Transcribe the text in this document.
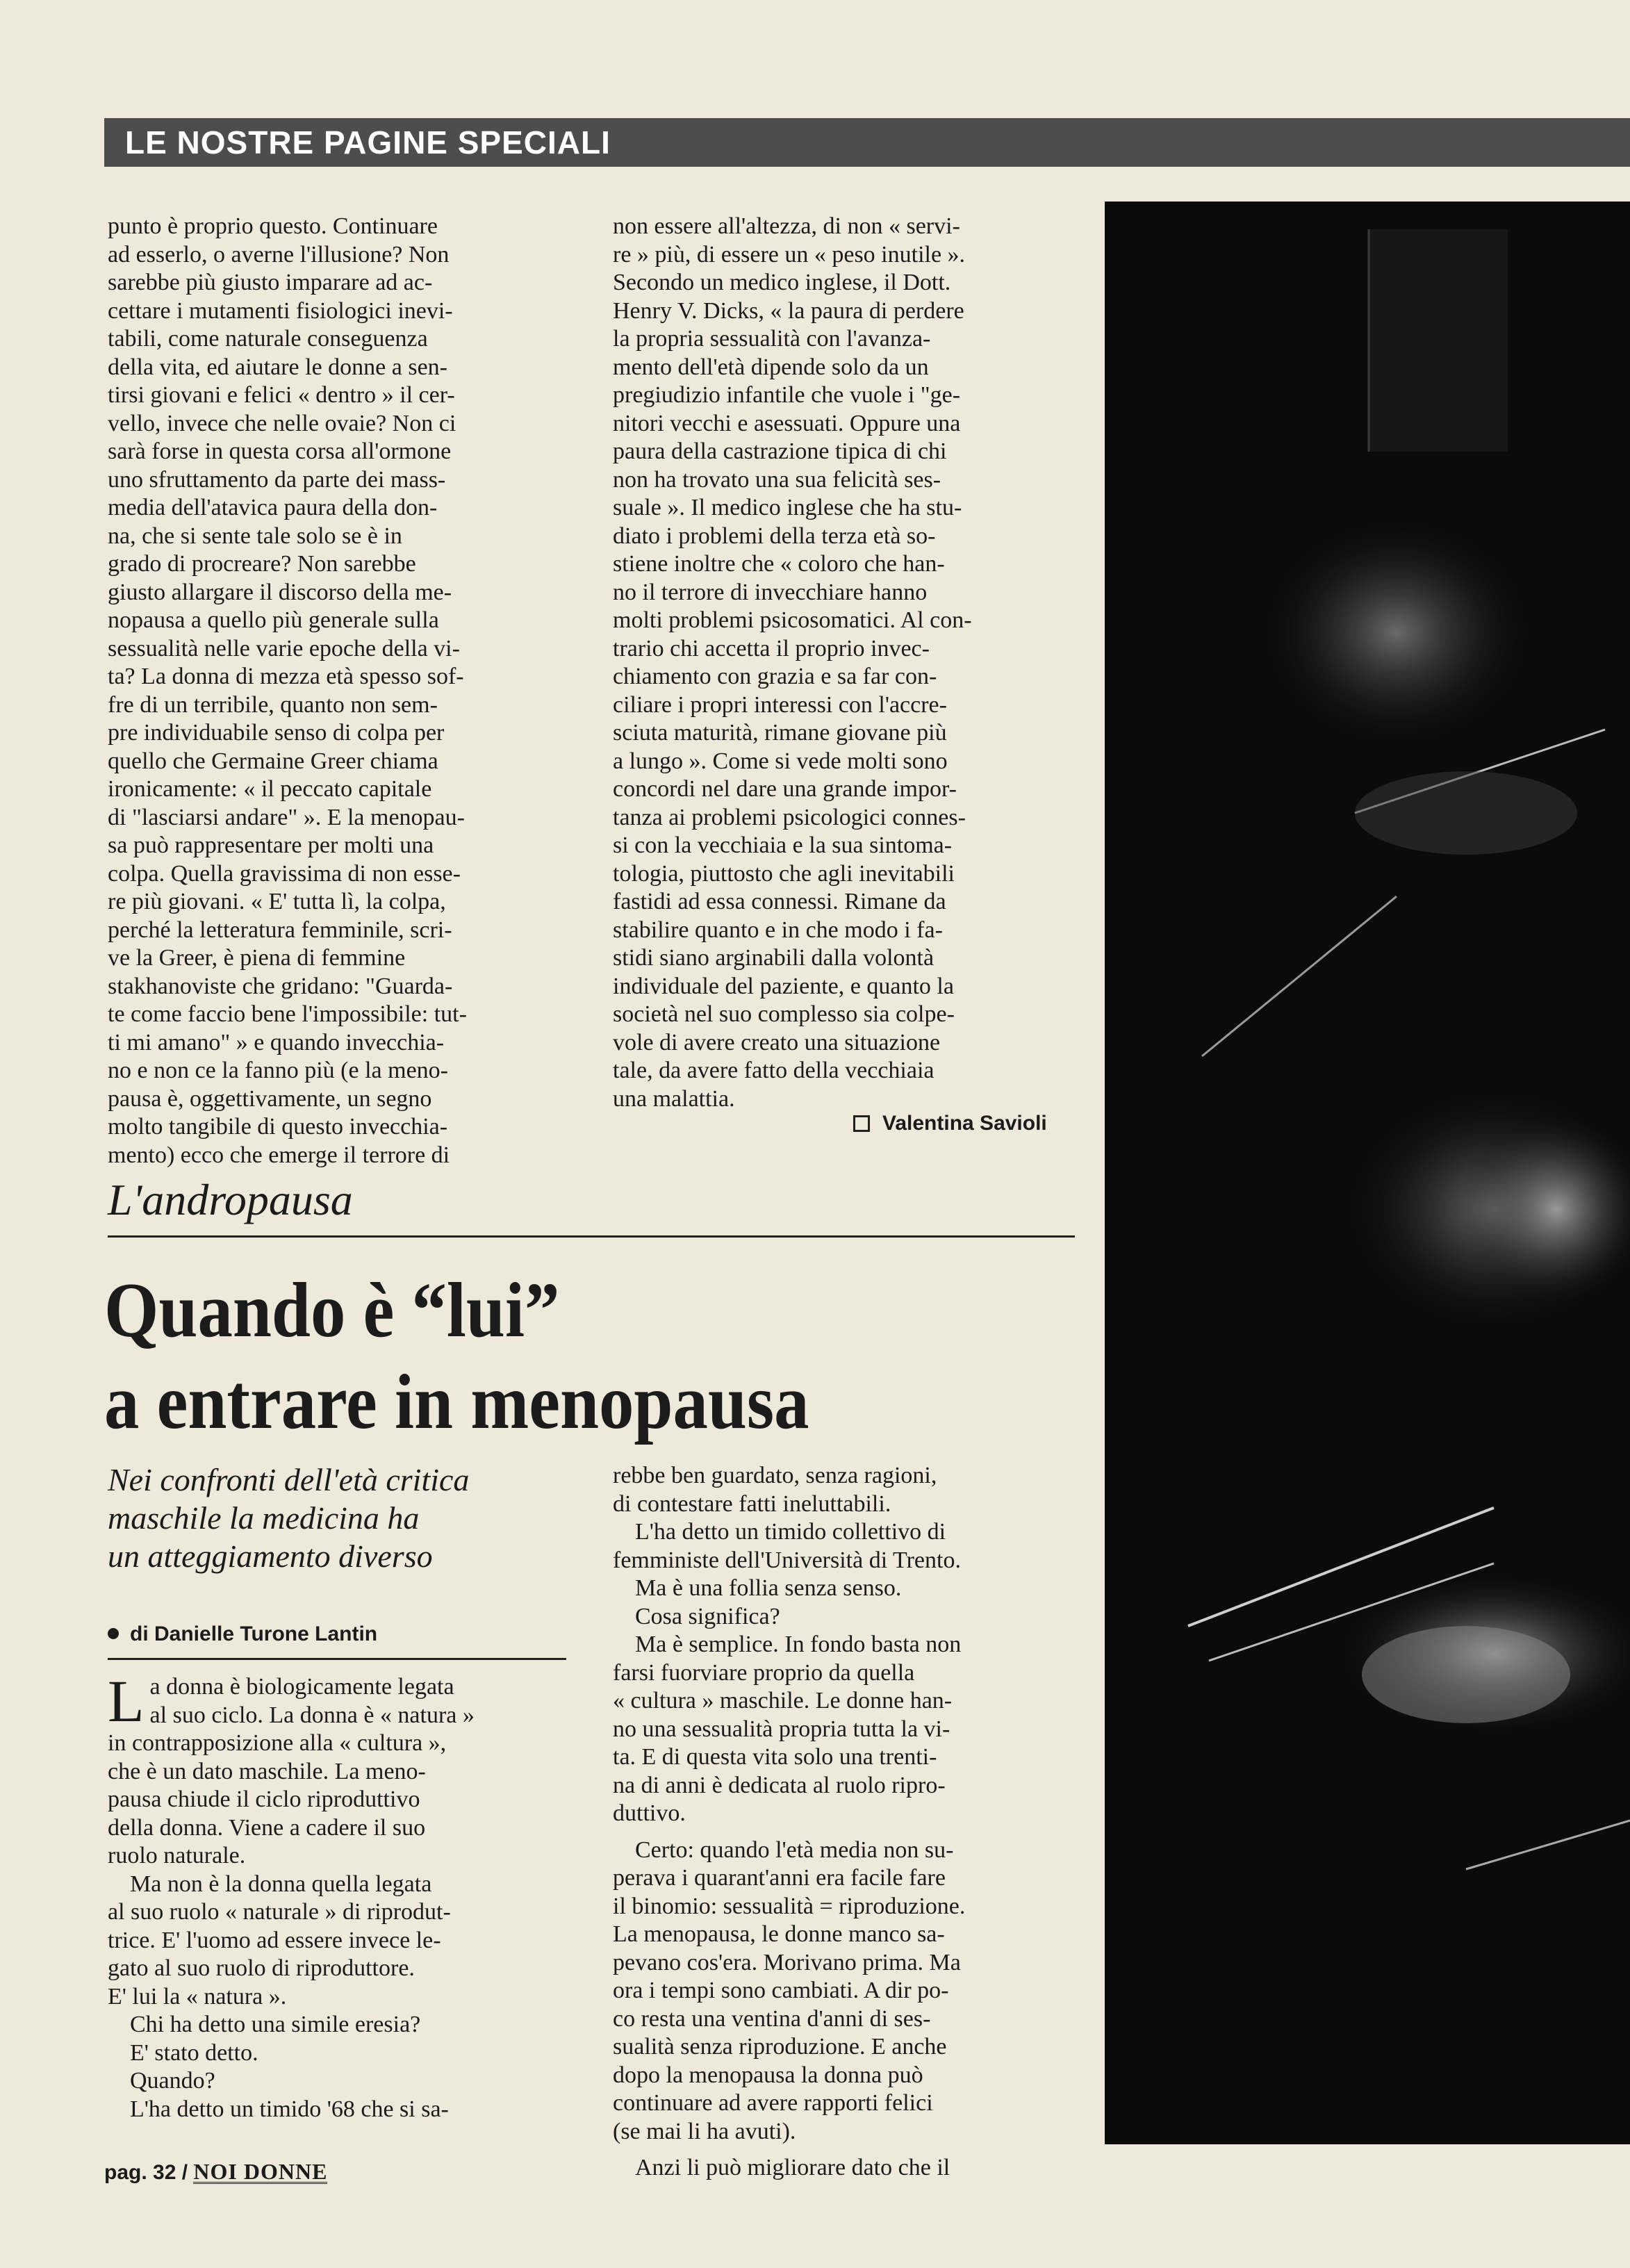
LE NOSTRE PAGINE SPECIALI

punto è proprio questo. Continuare

ad esserlo, o averne l'illusione? Non

sarebbe più giusto imparare ad ac-

cettare i mutamenti fisiologici inevi-

tabili, come naturale conseguenza

della vita, ed aiutare le donne a sen-

tirsi giovani e felici « dentro » il cer-

vello, invece che nelle ovaie? Non ci

sarà forse in questa corsa all'ormone

uno sfruttamento da parte dei mass-

media dell'atavica paura della don-

na, che si sente tale solo se è in

grado di procreare? Non sarebbe

giusto allargare il discorso della me-

nopausa a quello più generale sulla

sessualità nelle varie epoche della vi-

ta? La donna di mezza età spesso sof-

fre di un terribile, quanto non sem-

pre individuabile senso di colpa per

quello che Germaine Greer chiama

ironicamente: « il peccato capitale

di "lasciarsi andare" ». E la menopau-

sa può rappresentare per molti una

colpa. Quella gravissima di non esse-

re più giovani. « E' tutta lì, la colpa,

perché la letteratura femminile, scri-

ve la Greer, è piena di femmine

stakhanoviste che gridano: "Guarda-

te come faccio bene l'impossibile: tut-

ti mi amano" » e quando invecchia-

no e non ce la fanno più (e la meno-

pausa è, oggettivamente, un segno

molto tangibile di questo invecchia-

mento) ecco che emerge il terrore di

non essere all'altezza, di non « servi-

re » più, di essere un « peso inutile ».

Secondo un medico inglese, il Dott.

Henry V. Dicks, « la paura di perdere

la propria sessualità con l'avanza-

mento dell'età dipende solo da un

pregiudizio infantile che vuole i "ge-

nitori vecchi e asessuati. Oppure una

paura della castrazione tipica di chi

non ha trovato una sua felicità ses-

suale ». Il medico inglese che ha stu-

diato i problemi della terza età so-

stiene inoltre che « coloro che han-

no il terrore di invecchiare hanno

molti problemi psicosomatici. Al con-

trario chi accetta il proprio invec-

chiamento con grazia e sa far con-

ciliare i propri interessi con l'accre-

sciuta maturità, rimane giovane più

a lungo ». Come si vede molti sono

concordi nel dare una grande impor-

tanza ai problemi psicologici connes-

si con la vecchiaia e la sua sintoma-

tologia, piuttosto che agli inevitabili

fastidi ad essa connessi. Rimane da

stabilire quanto e in che modo i fa-

stidi siano arginabili dalla volontà

individuale del paziente, e quanto la

società nel suo complesso sia colpe-

vole di avere creato una situazione

tale, da avere fatto della vecchiaia

una malattia.

Valentina Savioli
L'andropausa
Quando è “lui”
a entrare in menopausa
Nei confronti dell'età critica
maschile la medicina ha
un atteggiamento diverso
di Danielle Turone Lantin
L a donna è biologicamente legata

al suo ciclo. La donna è « natura »

in contrapposizione alla « cultura »,

che è un dato maschile. La meno-

pausa chiude il ciclo riproduttivo

della donna. Viene a cadere il suo

ruolo naturale.

Ma non è la donna quella legata

al suo ruolo « naturale » di riprodut-

trice. E' l'uomo ad essere invece le-

gato al suo ruolo di riproduttore.

E' lui la « natura ».

Chi ha detto una simile eresia?

E' stato detto.

Quando?

L'ha detto un timido '68 che si sa-

rebbe ben guardato, senza ragioni,

di contestare fatti ineluttabili.

L'ha detto un timido collettivo di

femministe dell'Università di Trento.

Ma è una follia senza senso.

Cosa significa?

Ma è semplice. In fondo basta non

farsi fuorviare proprio da quella

« cultura » maschile. Le donne han-

no una sessualità propria tutta la vi-

ta. E di questa vita solo una trenti-

na di anni è dedicata al ruolo ripro-

duttivo.

Certo: quando l'età media non su-

perava i quarant'anni era facile fare

il binomio: sessualità = riproduzione.

La menopausa, le donne manco sa-

pevano cos'era. Morivano prima. Ma

ora i tempi sono cambiati. A dir po-

co resta una ventina d'anni di ses-

sualità senza riproduzione. E anche

dopo la menopausa la donna può

continuare ad avere rapporti felici

(se mai li ha avuti).

Anzi li può migliorare dato che il

pag. 32 / NOI DONNE
